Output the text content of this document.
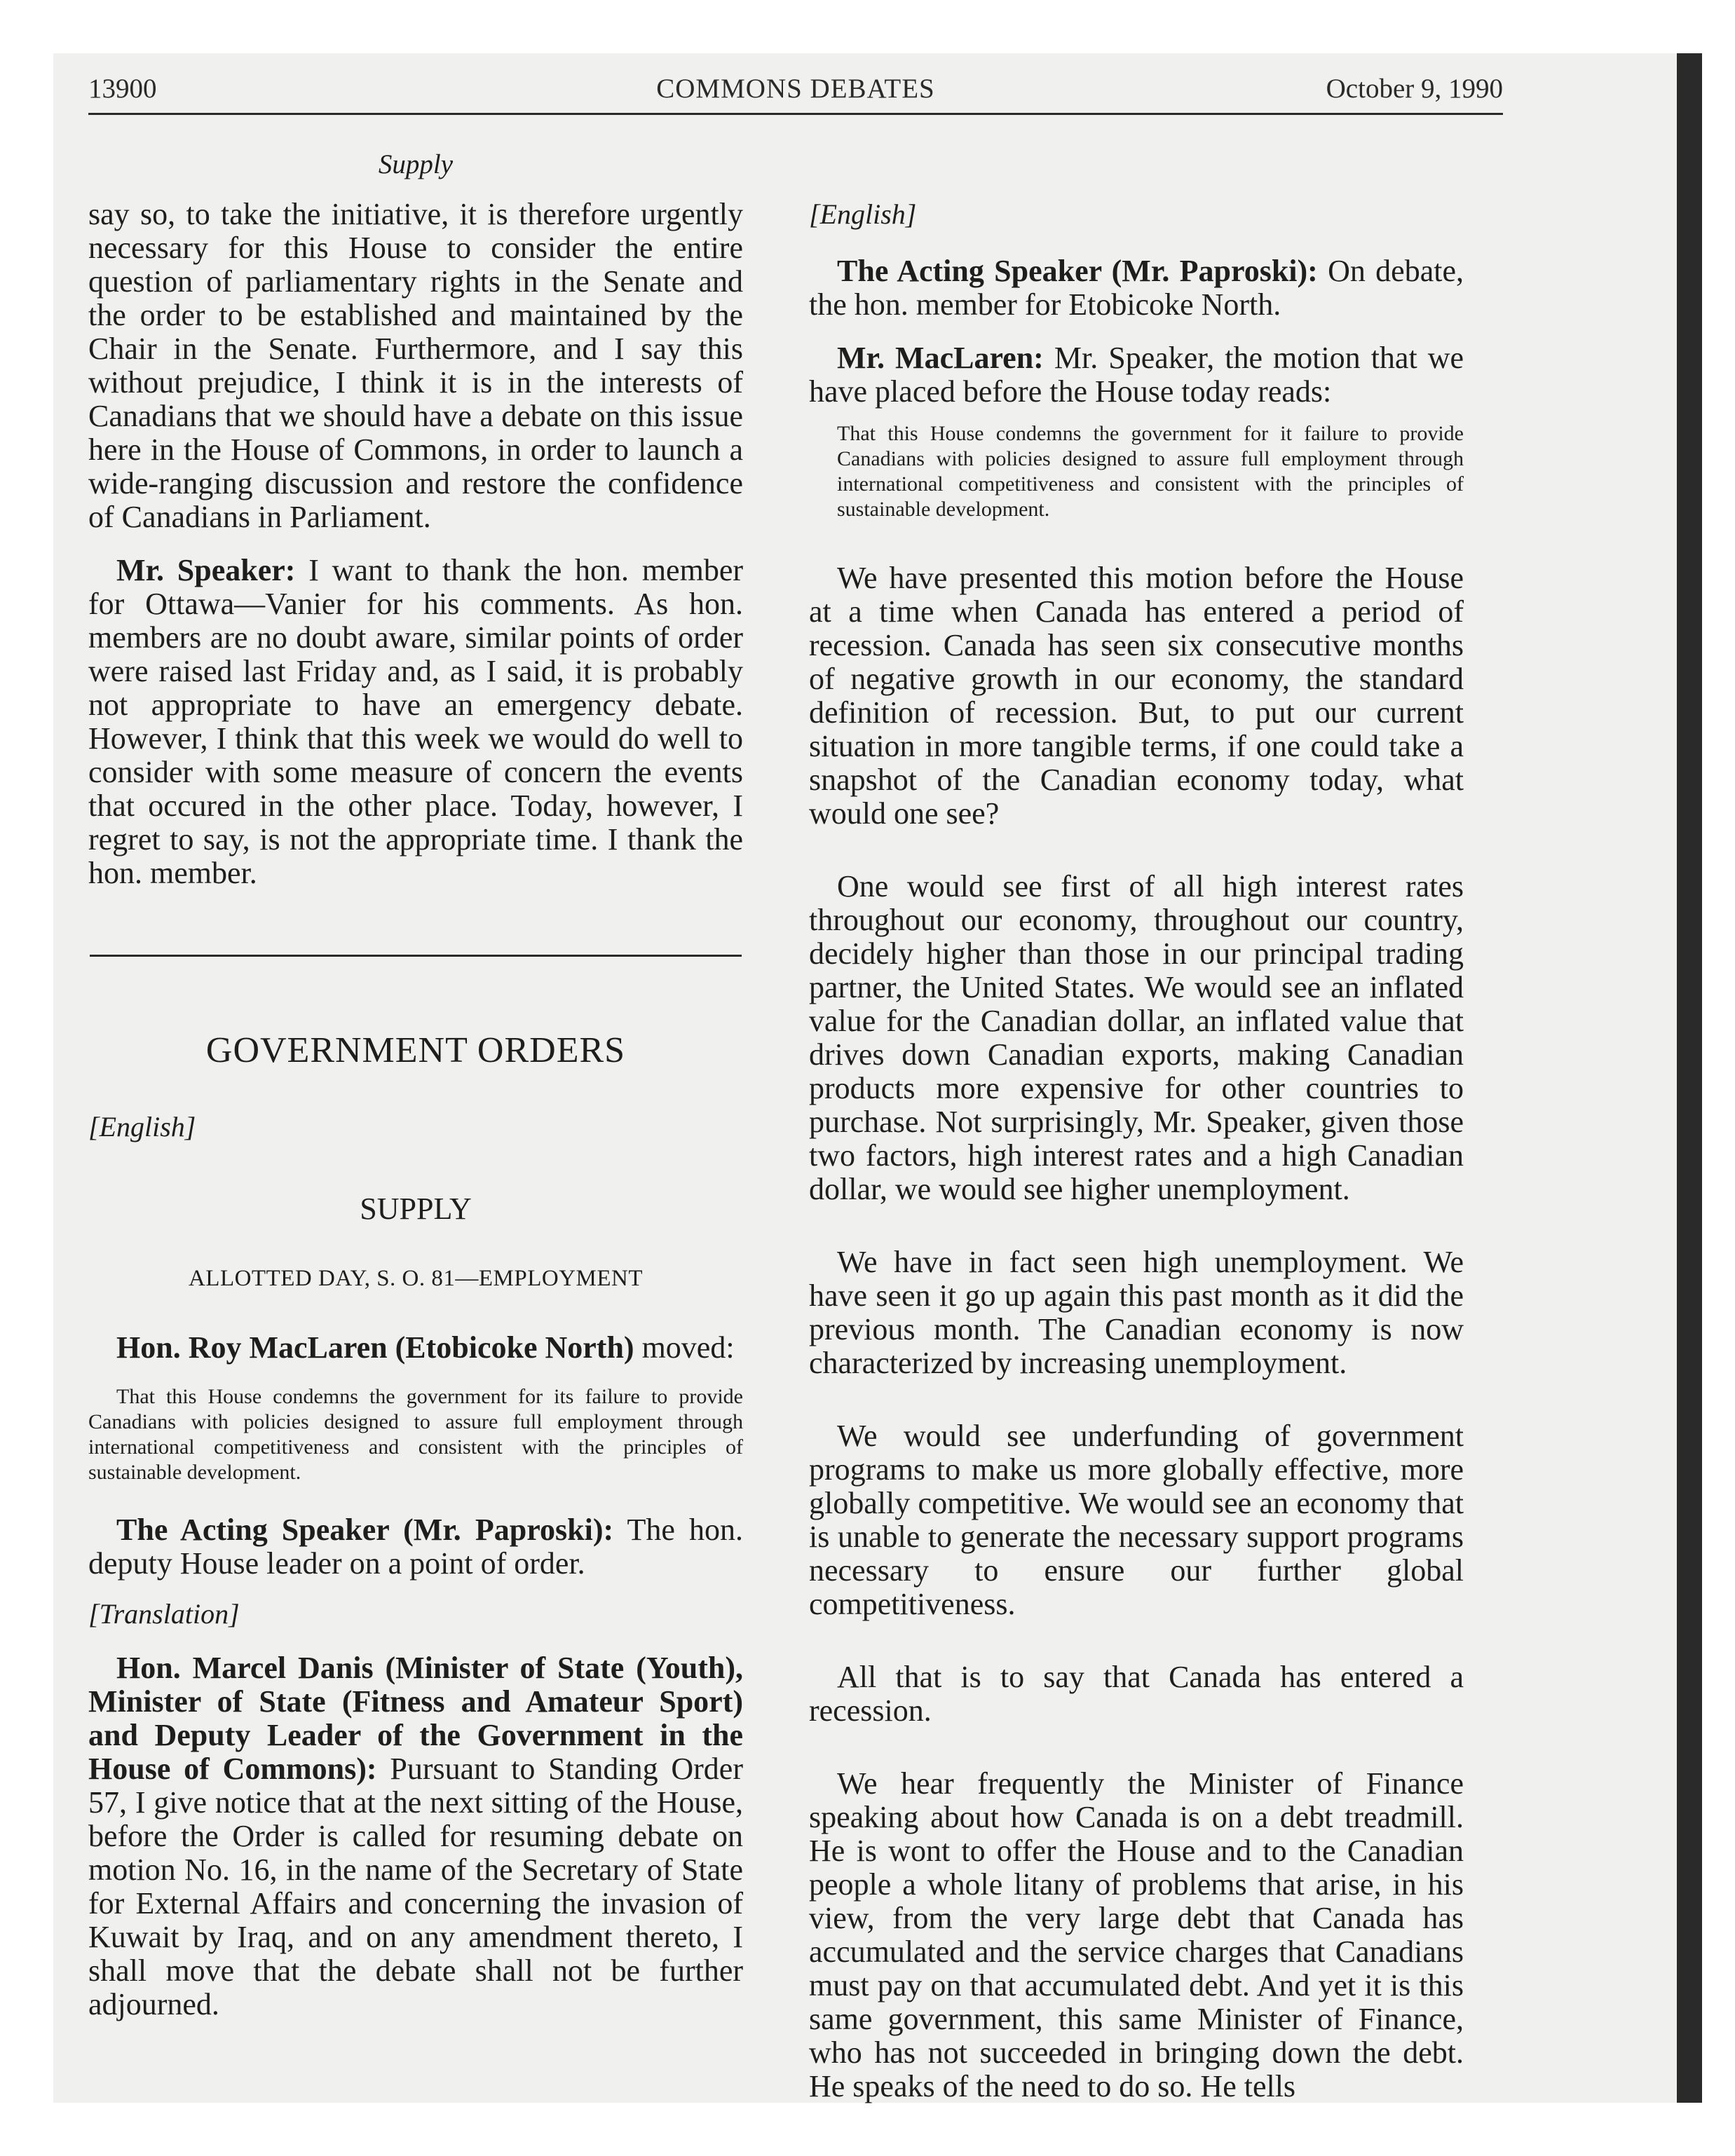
13900	COMMONS DEBATES	October 9, 1990
Supply

say so, to take the initiative, it is therefore urgently necessary for this House to consider the entire question of parliamentary rights in the Senate and the order to be established and maintained by the Chair in the Senate. Furthermore, and I say this without prejudice, I think it is in the interests of Canadians that we should have a debate on this issue here in the House of Commons, in order to launch a wide-ranging discussion and restore the confidence of Canadians in Parliament.

Mr. Speaker: I want to thank the hon. member for Ottawa—Vanier for his comments. As hon. members are no doubt aware, similar points of order were raised last Friday and, as I said, it is probably not appropriate to have an emergency debate. However, I think that this week we would do well to consider with some measure of concern the events that occured in the other place. Today, however, I regret to say, is not the appropriate time. I thank the hon. member.

GOVERNMENT ORDERS
[English]
SUPPLY
ALLOTTED DAY, S. O. 81—EMPLOYMENT

Hon. Roy MacLaren (Etobicoke North) moved:

That this House condemns the government for its failure to provide Canadians with policies designed to assure full employment through international competitiveness and consistent with the principles of sustainable development.

The Acting Speaker (Mr. Paproski): The hon. deputy House leader on a point of order.

[Translation]

Hon. Marcel Danis (Minister of State (Youth), Minister of State (Fitness and Amateur Sport) and Deputy Leader of the Government in the House of Commons): Pursuant to Standing Order 57, I give notice that at the next sitting of the House, before the Order is called for resuming debate on motion No. 16, in the name of the Secretary of State for External Affairs and concerning the invasion of Kuwait by Iraq, and on any amendment thereto, I shall move that the debate shall not be further adjourned.

[English]

The Acting Speaker (Mr. Paproski): On debate, the hon. member for Etobicoke North.

Mr. MacLaren: Mr. Speaker, the motion that we have placed before the House today reads:

That this House condemns the government for it failure to provide Canadians with policies designed to assure full employment through international competitiveness and consistent with the principles of sustainable development.

We have presented this motion before the House at a time when Canada has entered a period of recession. Canada has seen six consecutive months of negative growth in our economy, the standard definition of recession. But, to put our current situation in more tangible terms, if one could take a snapshot of the Canadian economy today, what would one see?

One would see first of all high interest rates throughout our economy, throughout our country, decidely higher than those in our principal trading partner, the United States. We would see an inflated value for the Canadian dollar, an inflated value that drives down Canadian exports, making Canadian products more expensive for other countries to purchase. Not surprisingly, Mr. Speaker, given those two factors, high interest rates and a high Canadian dollar, we would see higher unemployment.

We have in fact seen high unemployment. We have seen it go up again this past month as it did the previous month. The Canadian economy is now characterized by increasing unemployment.

We would see underfunding of government programs to make us more globally effective, more globally competitive. We would see an economy that is unable to generate the necessary support programs necessary to ensure our further global competitiveness.

All that is to say that Canada has entered a recession.

We hear frequently the Minister of Finance speaking about how Canada is on a debt treadmill. He is wont to offer the House and to the Canadian people a whole litany of problems that arise, in his view, from the very large debt that Canada has accumulated and the service charges that Canadians must pay on that accumulated debt. And yet it is this same government, this same Minister of Finance, who has not succeeded in bringing down the debt. He speaks of the need to do so. He tells
